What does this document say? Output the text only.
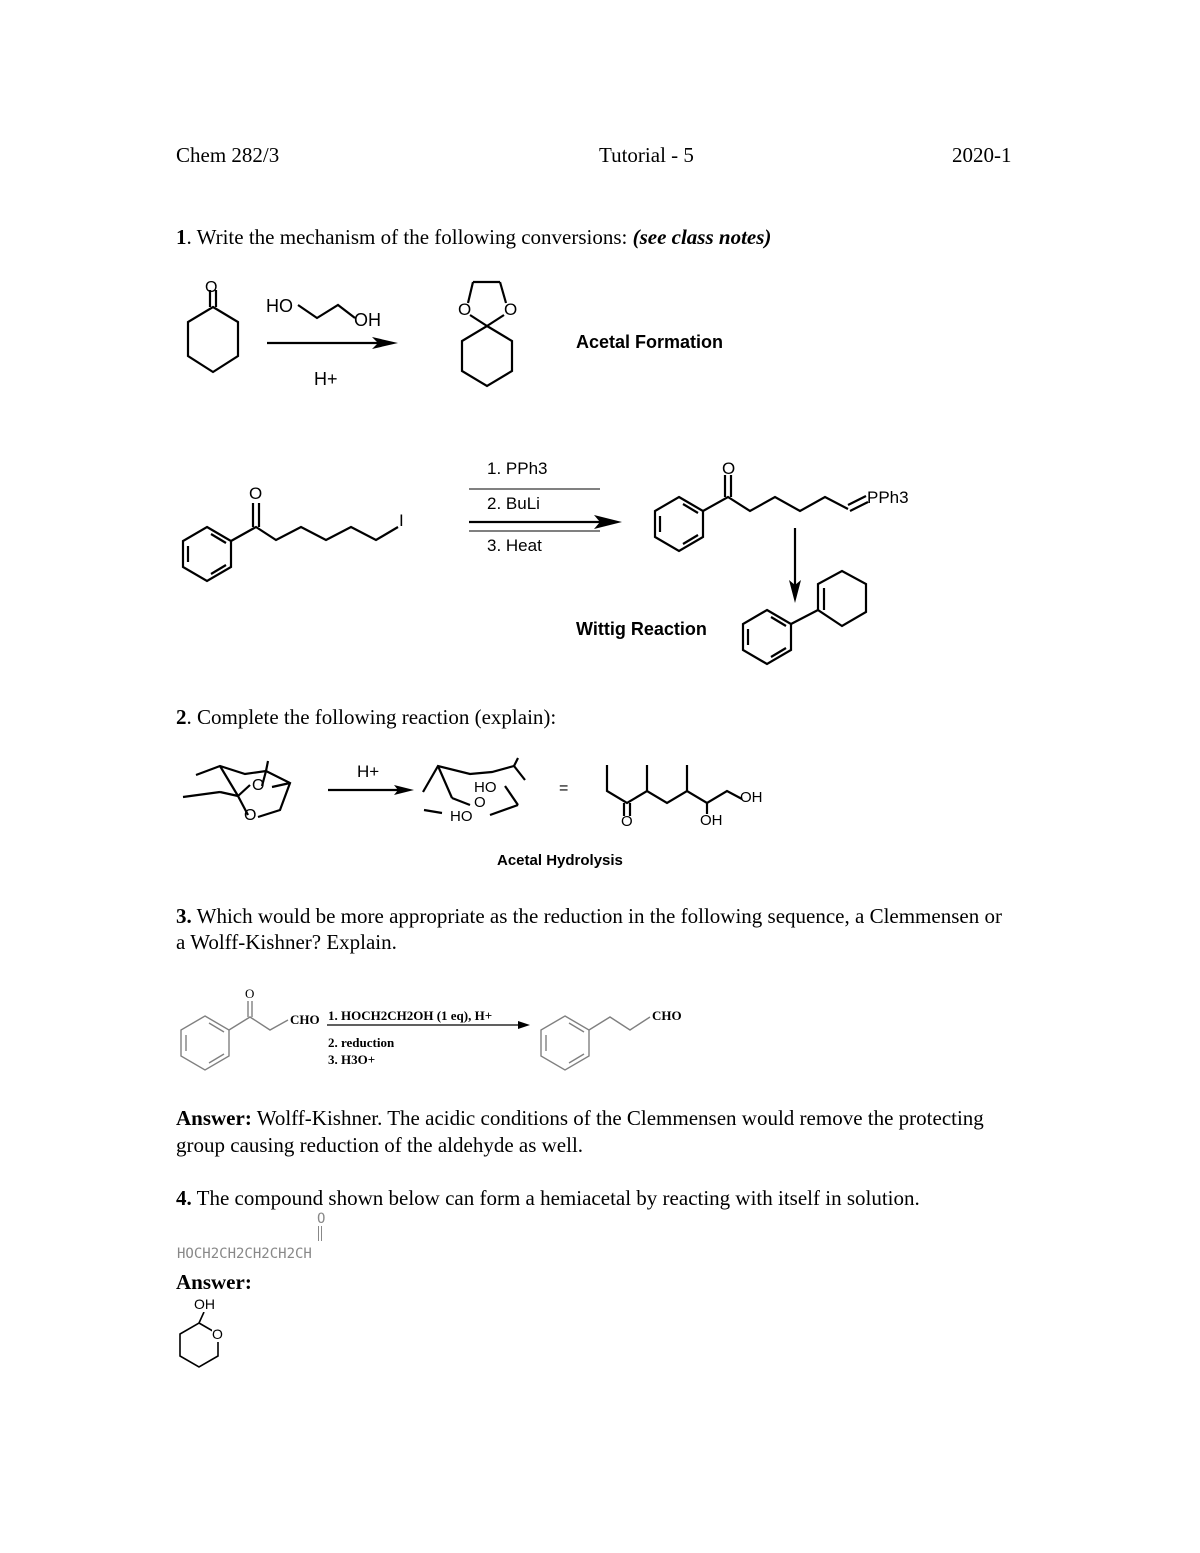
Chem 282/3	Tutorial - 5	2020-1
1. Write the mechanism of the following conversions: (see class notes)
O
HO
OH
H+
O O
Acetal Formation
O
I
1. PPh3
2. BuLi
3. Heat
O
PPh3
Wittig Reaction
2. Complete the following reaction (explain):
O
O
H+
HO
O
HO
=
O
OH
OH
Acetal Hydrolysis
3. Which would be more appropriate as the reduction in the following sequence, a Clemmensen or a Wolff-Kishner? Explain.
O
CHO 1. HOCH2CH2OH (1 eq), H+
2. reduction
3. H3O+
CHO
Answer: Wolff-Kishner. The acidic conditions of the Clemmensen would remove the protecting group causing reduction of the aldehyde as well.
4. The compound shown below can form a hemiacetal by reacting with itself in solution.
O
HOCH2CH2CH2CH2CH
Answer:
OH
O
